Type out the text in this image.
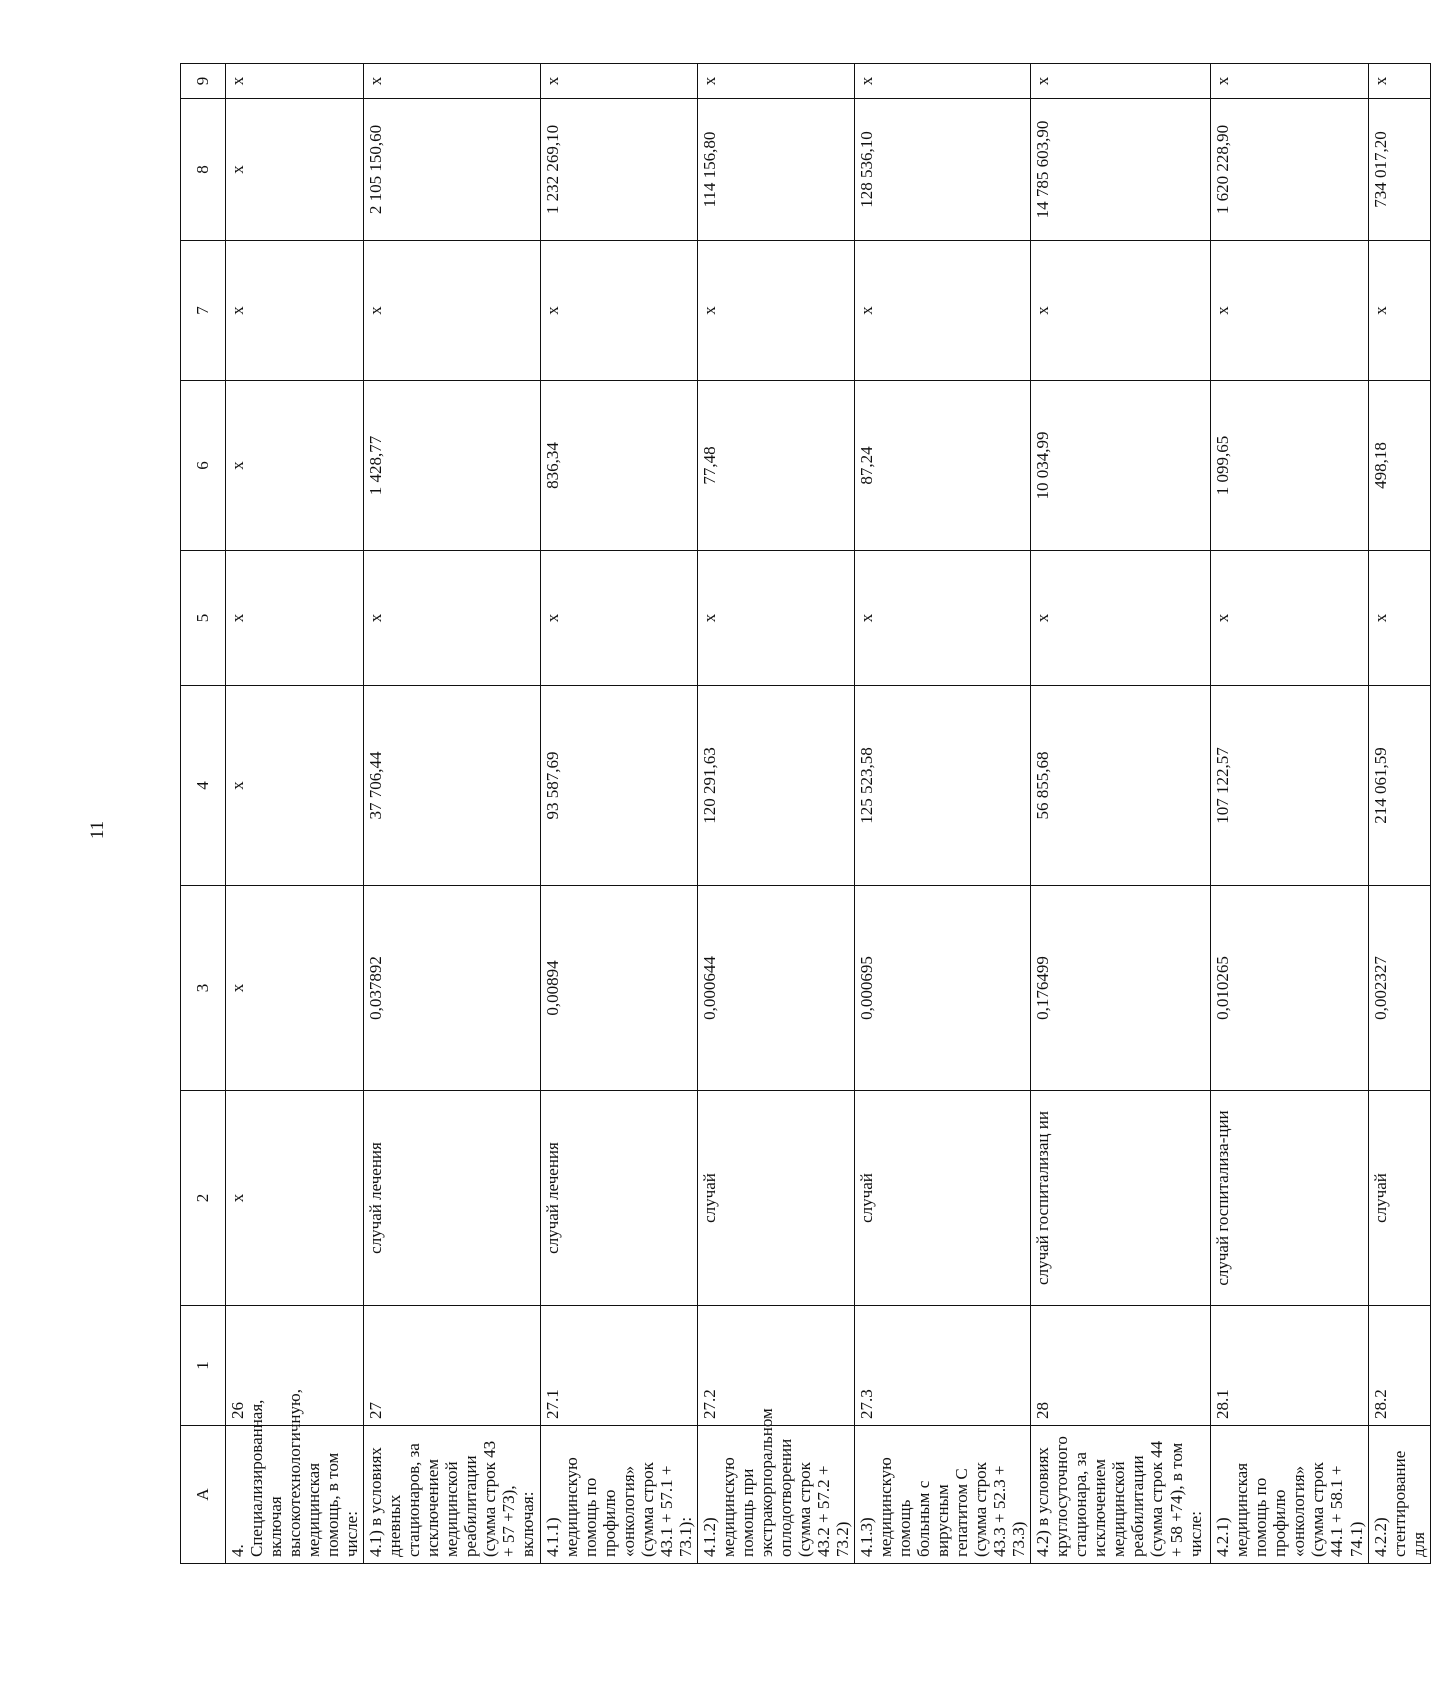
11
A	1	2	3	4	5	6	7	8	9
4. Специализированная, включая высокотехнологичную, медицинская помощь, в том числе:	26	х	х	х	х	х	х	х	х
4.1) в условиях дневных стационаров, за исключением медицинской реабилитации (сумма строк 43 + 57 +73), включая:	27	случай лечения	0,037892	37 706,44	х	1 428,77	х	2 105 150,60	х
4.1.1) медицинскую помощь по профилю «онкология» (сумма строк 43.1 + 57.1 + 73.1):	27.1	случай лечения	0,00894	93 587,69	х	836,34	х	1 232 269,10	х
4.1.2) медицинскую помощь при экстракорпоральном оплодотворении (сумма строк 43.2 + 57.2 + 73.2)	27.2	случай	0,000644	120 291,63	х	77,48	х	114 156,80	х
4.1.3) медицинскую помощь больным с вирусным гепатитом С (сумма строк 43.3 + 52.3 + 73.3)	27.3	случай	0,000695	125 523,58	х	87,24	х	128 536,10	х
4.2) в условиях круглосуточного стационара, за исключением медицинской реабилитации (сумма строк 44 + 58 +74), в том числе:	28	случай госпитализац ии	0,176499	56 855,68	х	10 034,99	х	14 785 603,90	х
4.2.1) медицинская помощь по профилю «онкология» (сумма строк 44.1 + 58.1 + 74.1)	28.1	случай госпитализа-ции	0,010265	107 122,57	х	1 099,65	х	1 620 228,90	х
4.2.2) стентирование для	28.2	случай	0,002327	214 061,59	х	498,18	х	734 017,20	х
